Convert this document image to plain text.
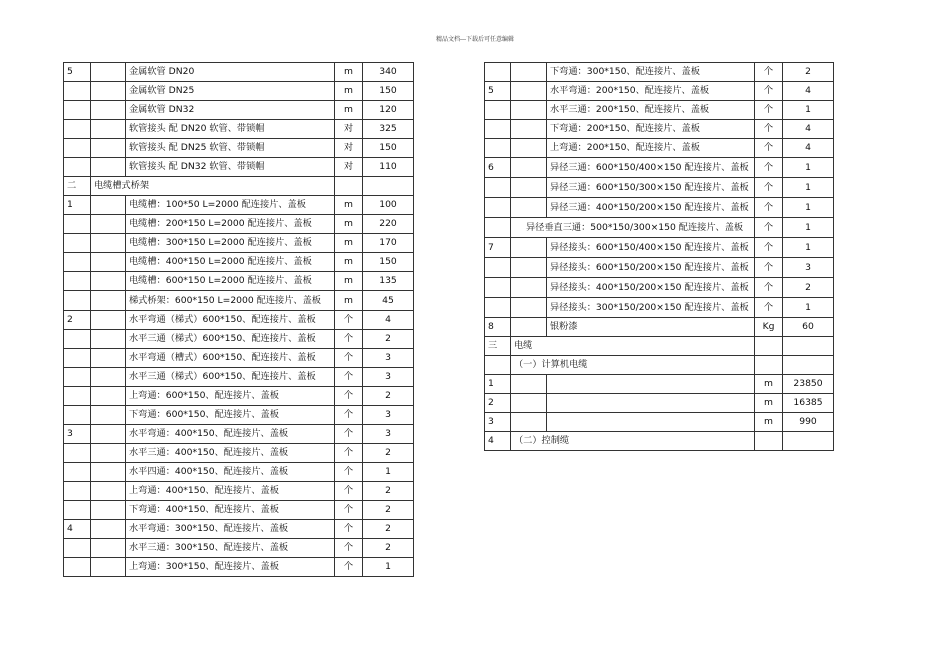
精品文档---下载后可任意编辑
5		金属软管 DN20	m	340
		金属软管 DN25	m	150
		金属软管 DN32	m	120
		软管接头 配 DN20 软管、带锁帽	对	325
		软管接头 配 DN25 软管、带锁帽	对	150
		软管接头 配 DN32 软管、带锁帽	对	110
二	电缆槽式桥架			
1		电缆槽：100*50 L=2000 配连接片、盖板	m	100
		电缆槽：200*150 L=2000 配连接片、盖板	m	220
		电缆槽：300*150 L=2000 配连接片、盖板	m	170
		电缆槽：400*150 L=2000 配连接片、盖板	m	150
		电缆槽：600*150 L=2000 配连接片、盖板	m	135
		梯式桥架：600*150 L=2000 配连接片、盖板	m	45
2		水平弯通（梯式）600*150、配连接片、盖板	个	4
		水平三通（梯式）600*150、配连接片、盖板	个	2
		水平弯通（槽式）600*150、配连接片、盖板	个	3
		水平三通（梯式）600*150、配连接片、盖板	个	3
		上弯通：600*150、配连接片、盖板	个	2
		下弯通：600*150、配连接片、盖板	个	3
3		水平弯通：400*150、配连接片、盖板	个	3
		水平三通：400*150、配连接片、盖板	个	2
		水平四通：400*150、配连接片、盖板	个	1
		上弯通：400*150、配连接片、盖板	个	2
		下弯通：400*150、配连接片、盖板	个	2
4		水平弯通：300*150、配连接片、盖板	个	2
		水平三通：300*150、配连接片、盖板	个	2
		上弯通：300*150、配连接片、盖板	个	1
		下弯通：300*150、配连接片、盖板	个	2
5		水平弯通：200*150、配连接片、盖板	个	4
		水平三通：200*150、配连接片、盖板	个	1
		下弯通：200*150、配连接片、盖板	个	4
		上弯通：200*150、配连接片、盖板	个	4
6		异径三通：600*150/400×150 配连接片、盖板	个	1
		异径三通：600*150/300×150 配连接片、盖板	个	1
		异径三通：400*150/200×150 配连接片、盖板	个	1
	异径垂直三通：500*150/300×150 配连接片、盖板		个	1
7		异径接头：600*150/400×150 配连接片、盖板	个	1
		异径接头：600*150/200×150 配连接片、盖板	个	3
		异径接头：400*150/200×150 配连接片、盖板	个	2
		异径接头：300*150/200×150 配连接片、盖板	个	1
8		银粉漆	Kg	60
三	电缆			
	（一）计算机电缆			
1			m	23850
2			m	16385
3			m	990
4	（二）控制缆			
